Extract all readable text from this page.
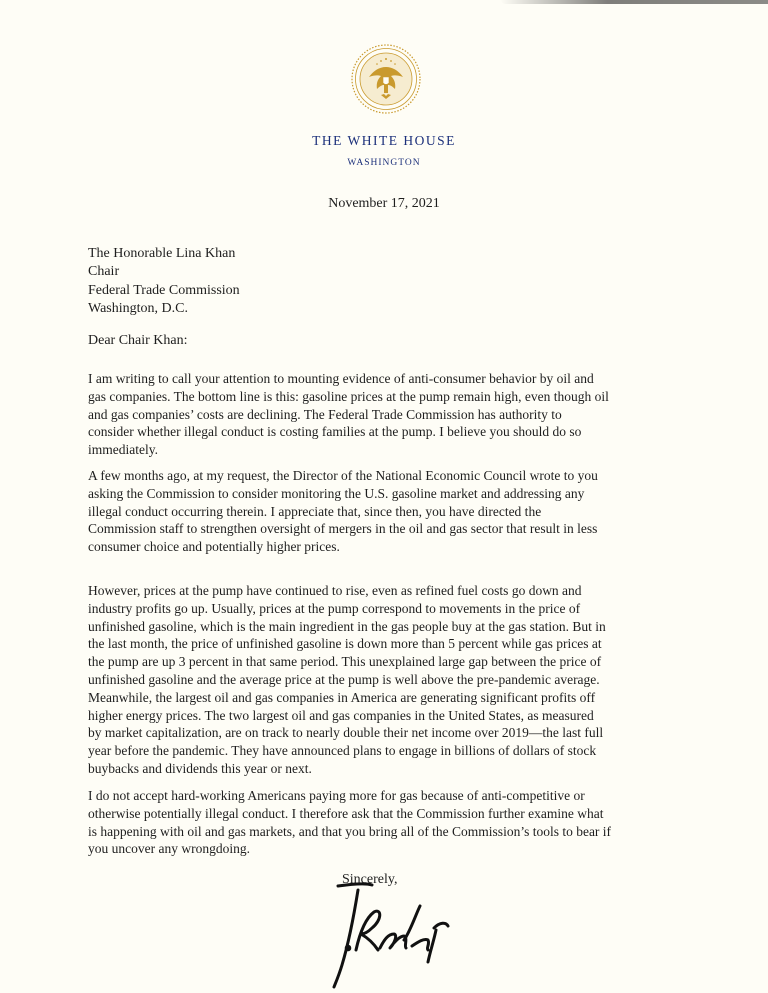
THE WHITE HOUSE
WASHINGTON
November 17, 2021
The Honorable Lina Khan
Chair
Federal Trade Commission
Washington, D.C.
Dear Chair Khan:

I am writing to call your attention to mounting evidence of anti-consumer behavior by oil and
gas companies. The bottom line is this: gasoline prices at the pump remain high, even though oil
and gas companies’ costs are declining. The Federal Trade Commission has authority to
consider whether illegal conduct is costing families at the pump. I believe you should do so
immediately.

A few months ago, at my request, the Director of the National Economic Council wrote to you
asking the Commission to consider monitoring the U.S. gasoline market and addressing any
illegal conduct occurring therein. I appreciate that, since then, you have directed the
Commission staff to strengthen oversight of mergers in the oil and gas sector that result in less
consumer choice and potentially higher prices.

However, prices at the pump have continued to rise, even as refined fuel costs go down and
industry profits go up. Usually, prices at the pump correspond to movements in the price of
unfinished gasoline, which is the main ingredient in the gas people buy at the gas station. But in
the last month, the price of unfinished gasoline is down more than 5 percent while gas prices at
the pump are up 3 percent in that same period. This unexplained large gap between the price of
unfinished gasoline and the average price at the pump is well above the pre-pandemic average.
Meanwhile, the largest oil and gas companies in America are generating significant profits off
higher energy prices. The two largest oil and gas companies in the United States, as measured
by market capitalization, are on track to nearly double their net income over 2019—the last full
year before the pandemic. They have announced plans to engage in billions of dollars of stock
buybacks and dividends this year or next.

I do not accept hard-working Americans paying more for gas because of anti-competitive or
otherwise potentially illegal conduct. I therefore ask that the Commission further examine what
is happening with oil and gas markets, and that you bring all of the Commission’s tools to bear if
you uncover any wrongdoing.

Sincerely,
